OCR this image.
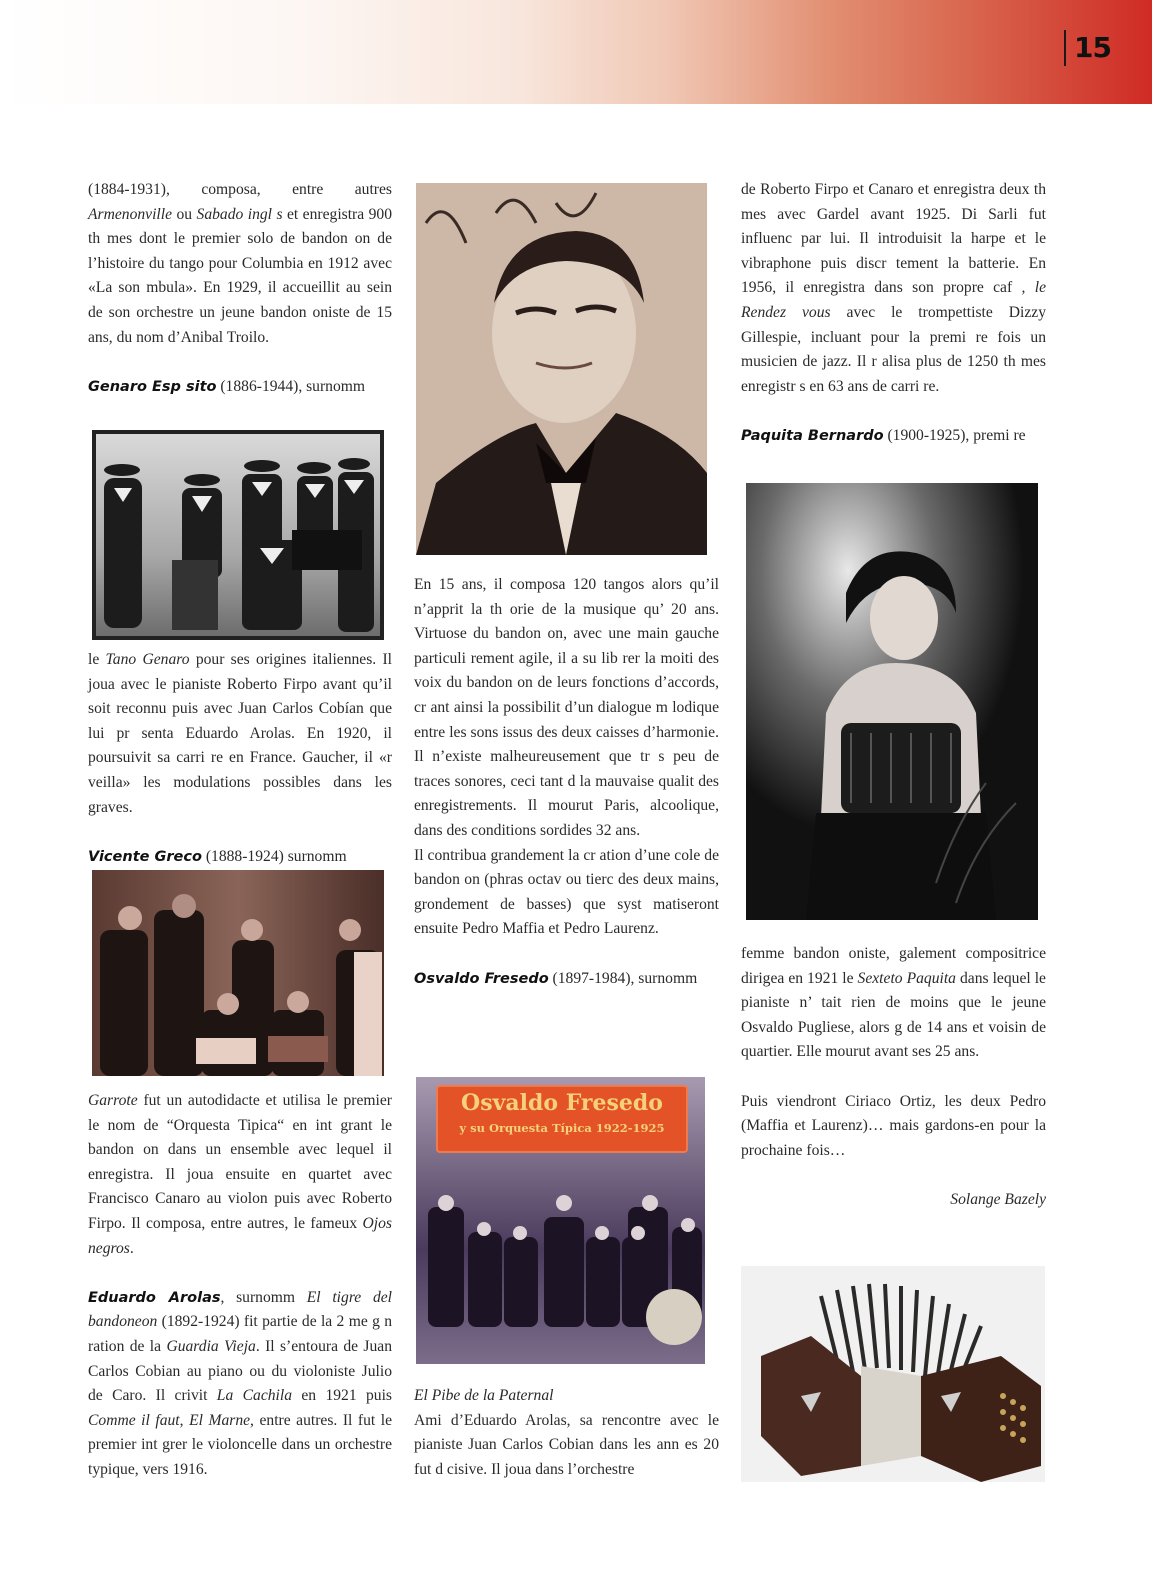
15

(1884-1931), composa, entre autres Armenonville ou Sabado ingl s et enregistra 900 th mes dont le premier solo de bandon on de l’histoire du tango pour Columbia en 1912 avec «La son mbula». En 1929, il accueillit au sein de son orchestre un jeune bandon oniste de 15 ans, du nom d’Anibal Troilo.

Genaro Esp sito (1886-1944), surnomm

le Tano Genaro pour ses origines italiennes. Il joua avec le pianiste Roberto Firpo avant qu’il soit reconnu puis avec Juan Carlos Cobían que lui pr senta Eduardo Arolas. En 1920, il poursuivit sa carri re en France. Gaucher, il «r veilla» les modulations possibles dans les graves.

Vicente Greco (1888-1924) surnomm

Garrote fut un autodidacte et utilisa le premier le nom de “Orquesta Tipica“ en int grant le bandon on dans un ensemble avec lequel il enregistra. Il joua ensuite en quartet avec Francisco Canaro au violon puis avec Roberto Firpo. Il composa, entre autres, le fameux Ojos negros.

Eduardo Arolas, surnomm El tigre del bandoneon (1892-1924) fit partie de la 2 me g n ration de la Guardia Vieja. Il s’entoura de Juan Carlos Cobian au piano ou du violoniste Julio de Caro. Il crivit La Cachila en 1921 puis Comme il faut, El Marne, entre autres. Il fut le premier int grer le violoncelle dans un orchestre typique, vers 1916.

En 15 ans, il composa 120 tangos alors qu’il n’apprit la th orie de la musique qu’ 20 ans. Virtuose du bandon on, avec une main gauche particuli rement agile, il a su lib rer la moiti des voix du bandon on de leurs fonctions d’accords, cr ant ainsi la possibilit d’un dialogue m lodique entre les sons issus des deux caisses d’harmonie. Il n’existe malheureusement que tr s peu de traces sonores, ceci tant d la mauvaise qualit des enregistrements. Il mourut Paris, alcoolique, dans des conditions sordides 32 ans.

Il contribua grandement la cr ation d’une cole de bandon on (phras octav ou tierc des deux mains, grondement de basses) que syst matiseront ensuite Pedro Maffia et Pedro Laurenz.

Osvaldo Fresedo (1897-1984), surnomm

Osvaldo Fresedo
y su Orquesta Típica 1922-1925

El Pibe de la Paternal

Ami d’Eduardo Arolas, sa rencontre avec le pianiste Juan Carlos Cobian dans les ann es 20 fut d cisive. Il joua dans l’orchestre

de Roberto Firpo et Canaro et enregistra deux th mes avec Gardel avant 1925. Di Sarli fut influenc par lui. Il introduisit la harpe et le vibraphone puis discr tement la batterie. En 1956, il enregistra dans son propre caf , le Rendez vous avec le trompettiste Dizzy Gillespie, incluant pour la premi re fois un musicien de jazz. Il r alisa plus de 1250 th mes enregistr s en 63 ans de carri re.

Paquita Bernardo (1900-1925), premi re

femme bandon oniste, galement compositrice dirigea en 1921 le Sexteto Paquita dans lequel le pianiste n’ tait rien de moins que le jeune Osvaldo Pugliese, alors g de 14 ans et voisin de quartier. Elle mourut avant ses 25 ans.

Puis viendront Ciriaco Ortiz, les deux Pedro (Maffia et Laurenz)… mais gardons-en pour la prochaine fois…

Solange Bazely
